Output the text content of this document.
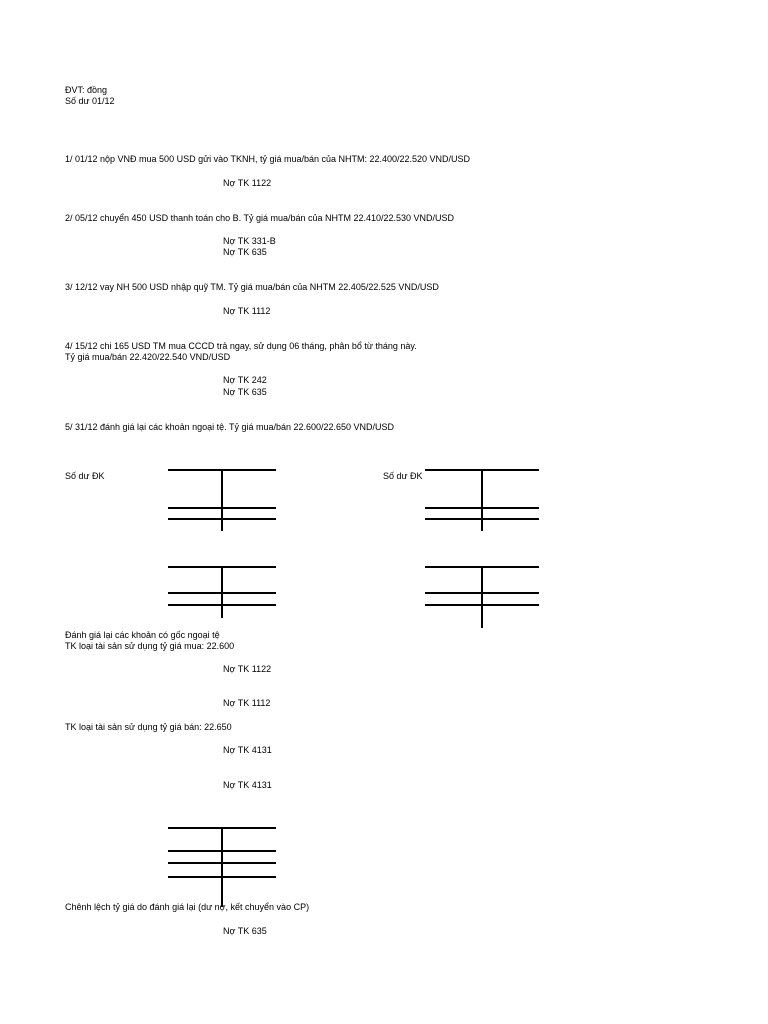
ĐVT: đồng
Số dư 01/12
1/ 01/12 nộp VNĐ mua 500 USD gửi vào TKNH, tỷ giá mua/bán của NHTM: 22.400/22.520 VND/USD
Nợ TK 1122
2/ 05/12 chuyển 450 USD thanh toán cho B. Tỷ giá mua/bán của NHTM 22.410/22.530 VND/USD
Nợ TK 331-B
Nợ TK 635
3/ 12/12 vay NH 500 USD nhập quỹ TM. Tỷ giá mua/bán của NHTM 22.405/22.525 VND/USD
Nợ TK 1112
4/ 15/12 chi 165 USD TM mua CCCD trả ngay, sử dụng 06 tháng, phân bổ từ tháng này.
Tỷ giá mua/bán 22.420/22.540 VND/USD
Nợ TK 242
Nợ TK 635
5/ 31/12 đánh giá lại các khoản ngoại tệ. Tỷ giá mua/bán 22.600/22.650 VND/USD
Số dư ĐK	Số dư ĐK
Đánh giá lại các khoản có gốc ngoại tệ
TK loại tài sản sử dụng tỷ giá mua: 22.600
Nợ TK 1122
Nợ TK 1112
TK loại tài sản sử dụng tỷ giá bán: 22.650
Nợ TK 4131
Nợ TK 4131
Chênh lệch tỷ giá do đánh giá lại (dư nợ, kết chuyển vào CP)
Nợ TK 635
